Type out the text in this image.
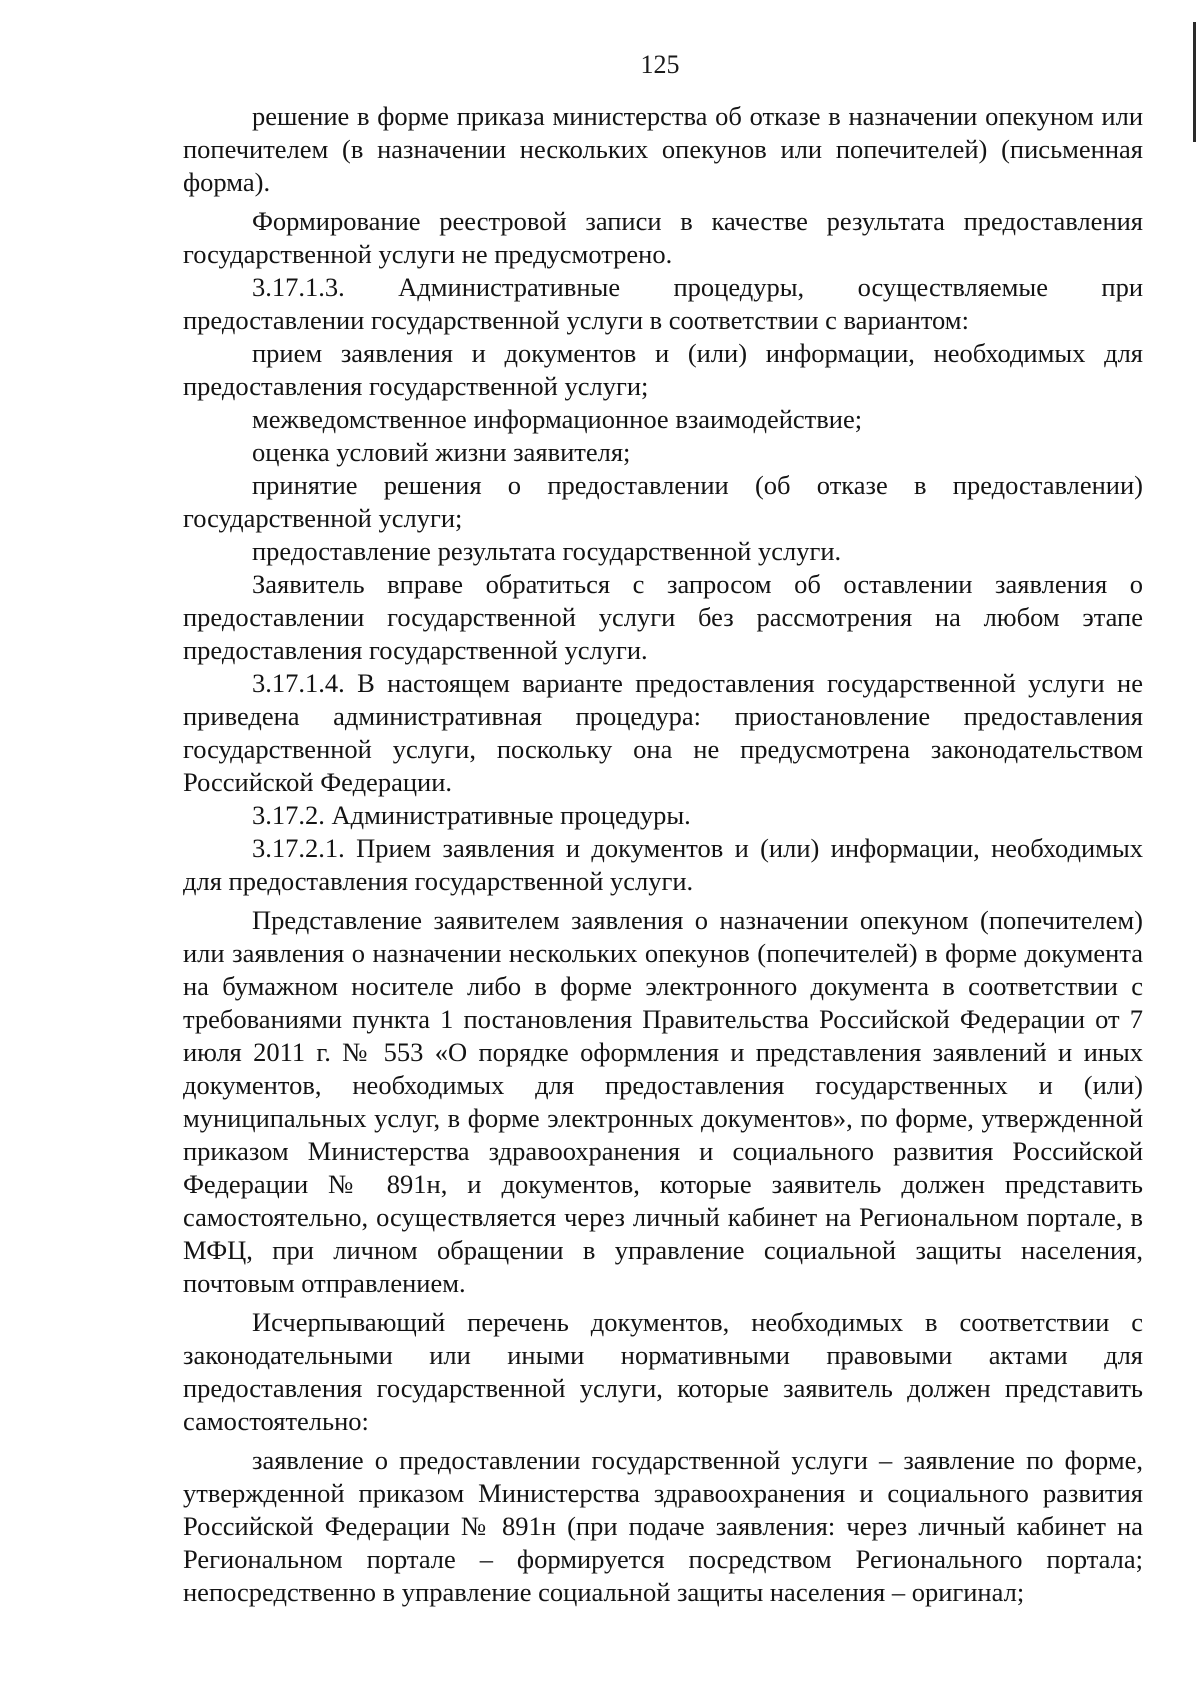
125

решение в форме приказа министерства об отказе в назначении опекуном или попечителем (в назначении нескольких опекунов или попечителей) (письменная форма).

Формирование реестровой записи в качестве результата предоставления государственной услуги не предусмотрено.

3.17.1.3. Административные процедуры, осуществляемые при предоставлении государственной услуги в соответствии с вариантом:

прием заявления и документов и (или) информации, необходимых для предоставления государственной услуги;

межведомственное информационное взаимодействие;

оценка условий жизни заявителя;

принятие решения о предоставлении (об отказе в предоставлении) государственной услуги;

предоставление результата государственной услуги.

Заявитель вправе обратиться с запросом об оставлении заявления о предоставлении государственной услуги без рассмотрения на любом этапе предоставления государственной услуги.

3.17.1.4. В настоящем варианте предоставления государственной услуги не приведена административная процедура: приостановление предоставления государственной услуги, поскольку она не предусмотрена законодательством Российской Федерации.

3.17.2. Административные процедуры.

3.17.2.1. Прием заявления и документов и (или) информации, необходимых для предоставления государственной услуги.

Представление заявителем заявления о назначении опекуном (попечителем) или заявления о назначении нескольких опекунов (попечителей) в форме документа на бумажном носителе либо в форме электронного документа в соответствии с требованиями пункта 1 постановления Правительства Российской Федерации от 7 июля 2011 г. № 553 «О порядке оформления и представления заявлений и иных документов, необходимых для предоставления государственных и (или) муниципальных услуг, в форме электронных документов», по форме, утвержденной приказом Министерства здравоохранения и социального развития Российской Федерации № 891н, и документов, которые заявитель должен представить самостоятельно, осуществляется через личный кабинет на Региональном портале, в МФЦ, при личном обращении в управление социальной защиты населения, почтовым отправлением.

Исчерпывающий перечень документов, необходимых в соответствии с законодательными или иными нормативными правовыми актами для предоставления государственной услуги, которые заявитель должен представить самостоятельно:

заявление о предоставлении государственной услуги – заявление по форме, утвержденной приказом Министерства здравоохранения и социального развития Российской Федерации № 891н (при подаче заявления: через личный кабинет на Региональном портале – формируется посредством Регионального портала; непосредственно в управление социальной защиты населения – оригинал;
